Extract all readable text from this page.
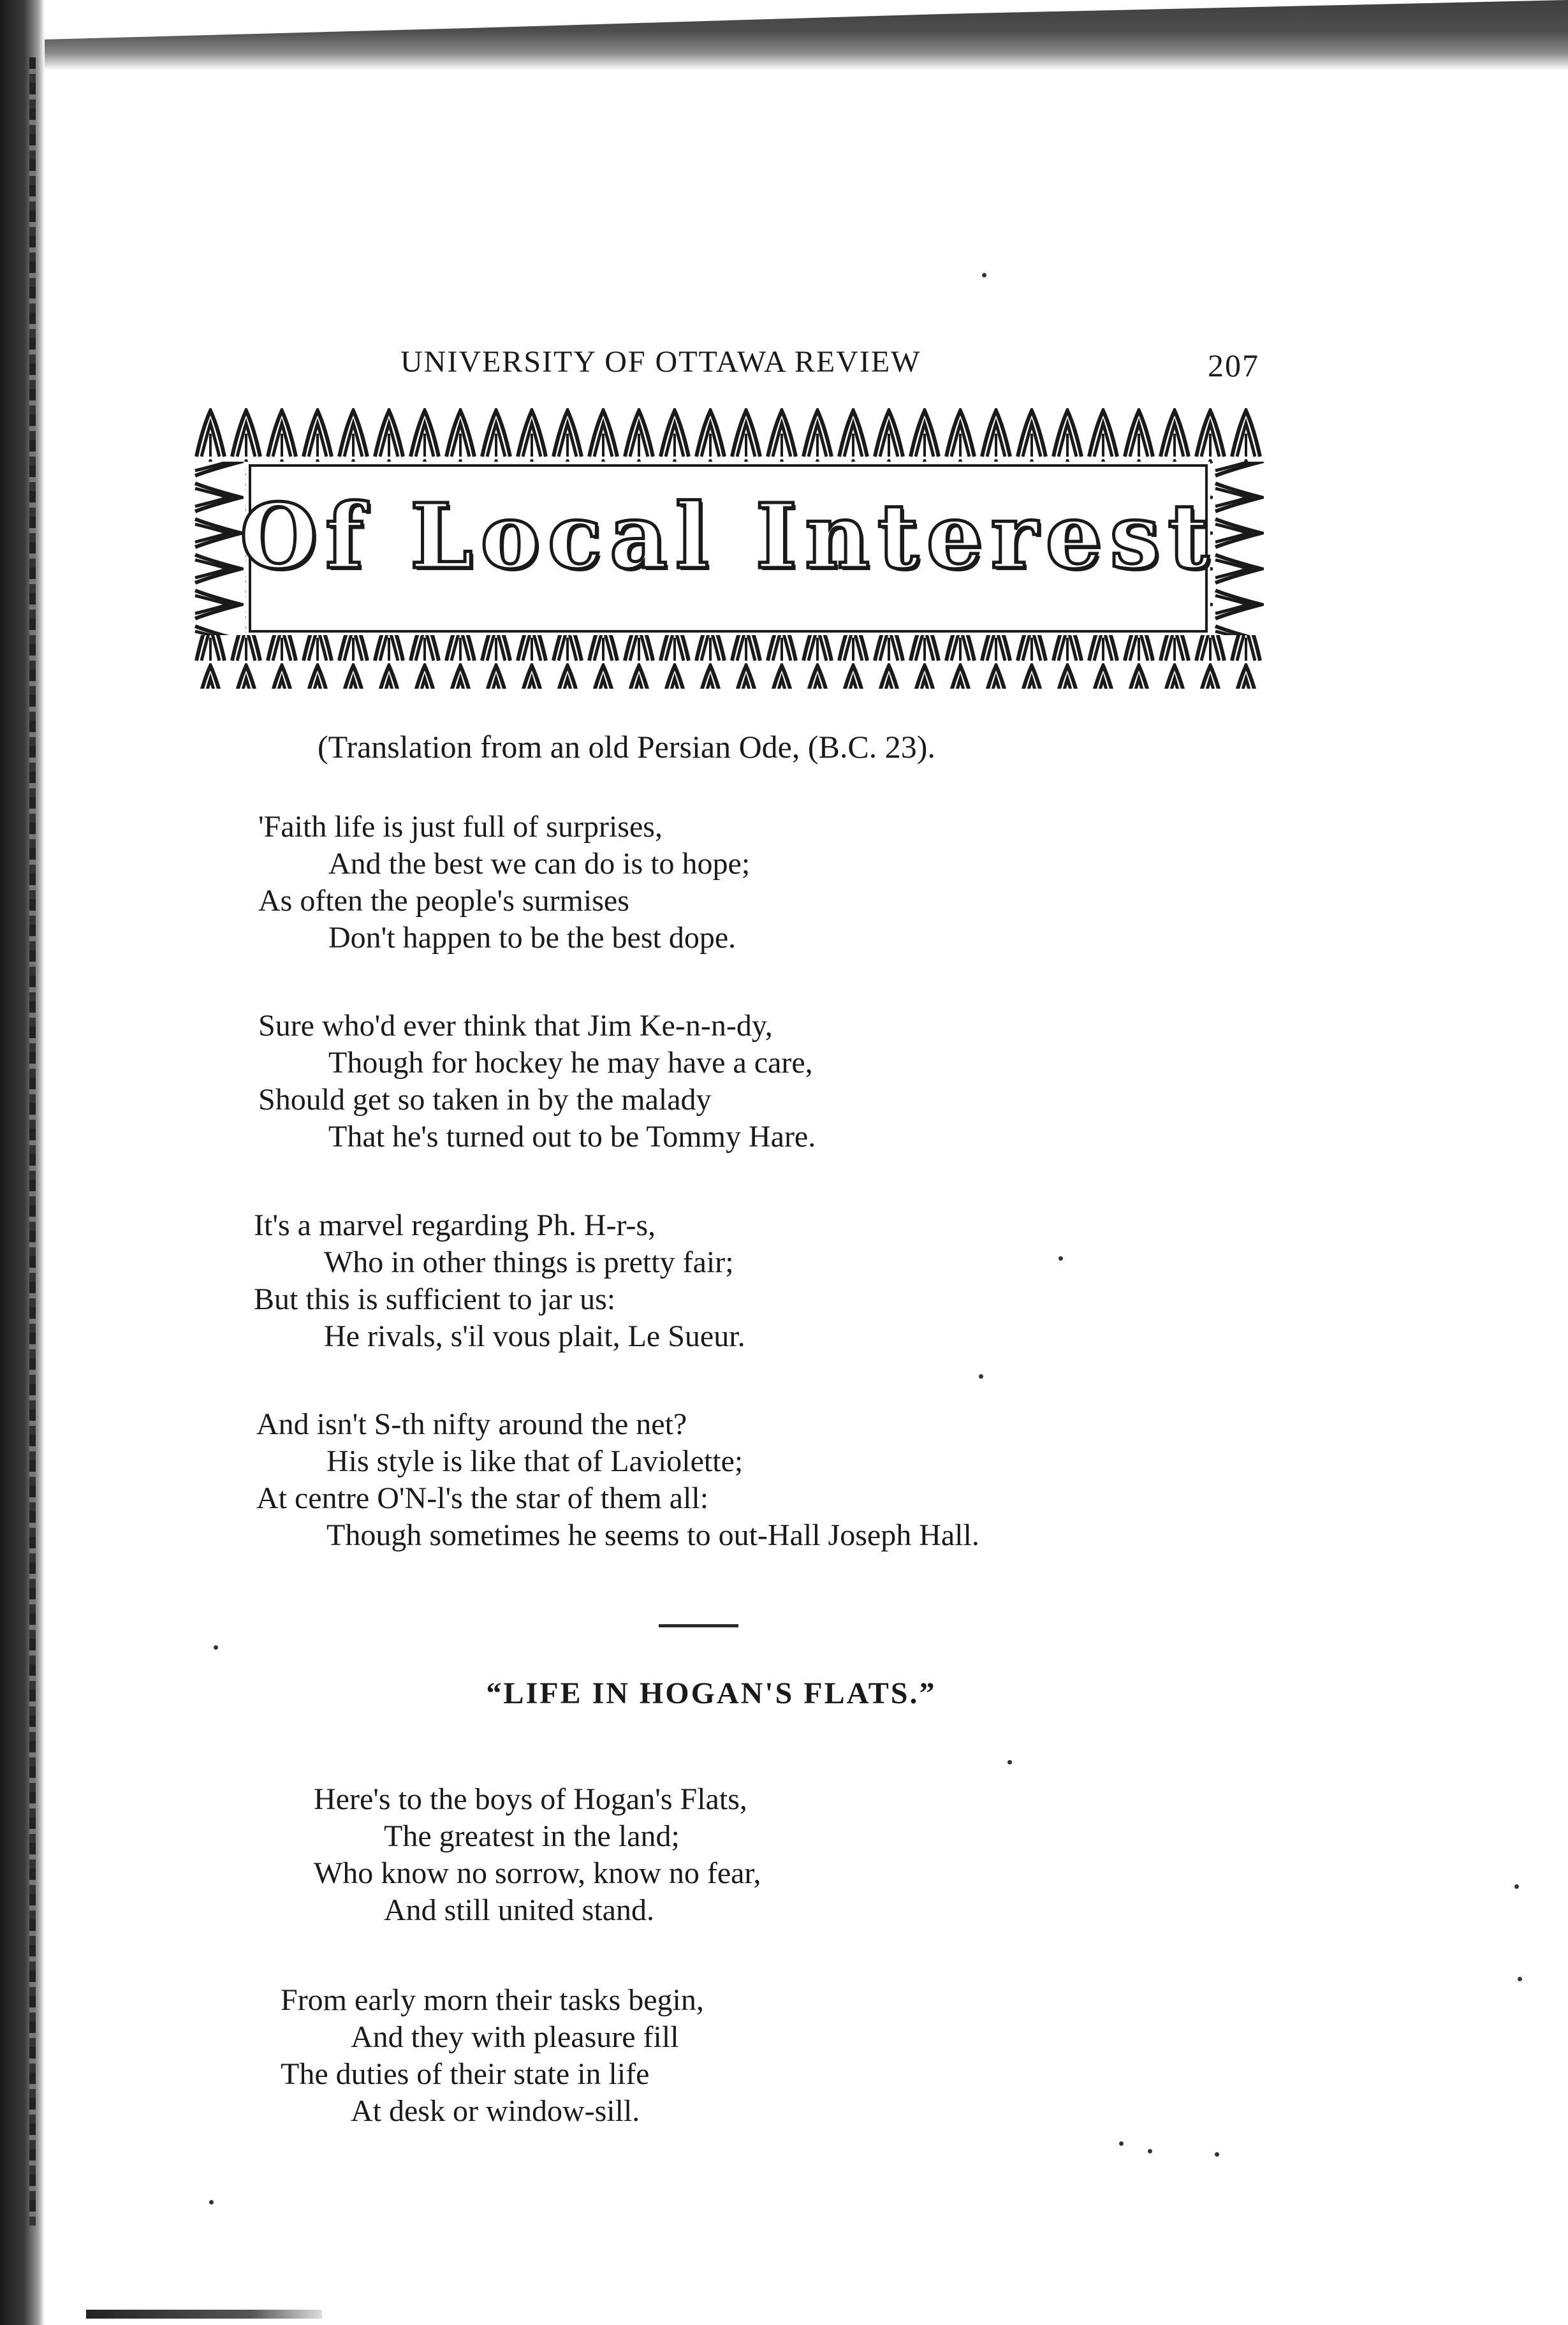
UNIVERSITY OF OTTAWA REVIEW	207
Of Local Interest
(Translation from an old Persian Ode, (B.C. 23).
'Faith life is just full of surprises,
And the best we can do is to hope;
As often the people's surmises
Don't happen to be the best dope.
Sure who'd ever think that Jim Ke-n-n-dy,
Though for hockey he may have a care,
Should get so taken in by the malady
That he's turned out to be Tommy Hare.
It's a marvel regarding Ph. H-r-s,
Who in other things is pretty fair;
But this is sufficient to jar us:
He rivals, s'il vous plait, Le Sueur.
And isn't S-th nifty around the net?
His style is like that of Laviolette;
At centre O'N-l's the star of them all:
Though sometimes he seems to out-Hall Joseph Hall.
“LIFE IN HOGAN'S FLATS.”
Here's to the boys of Hogan's Flats,
The greatest in the land;
Who know no sorrow, know no fear,
And still united stand.
From early morn their tasks begin,
And they with pleasure fill
The duties of their state in life
At desk or window-sill.
